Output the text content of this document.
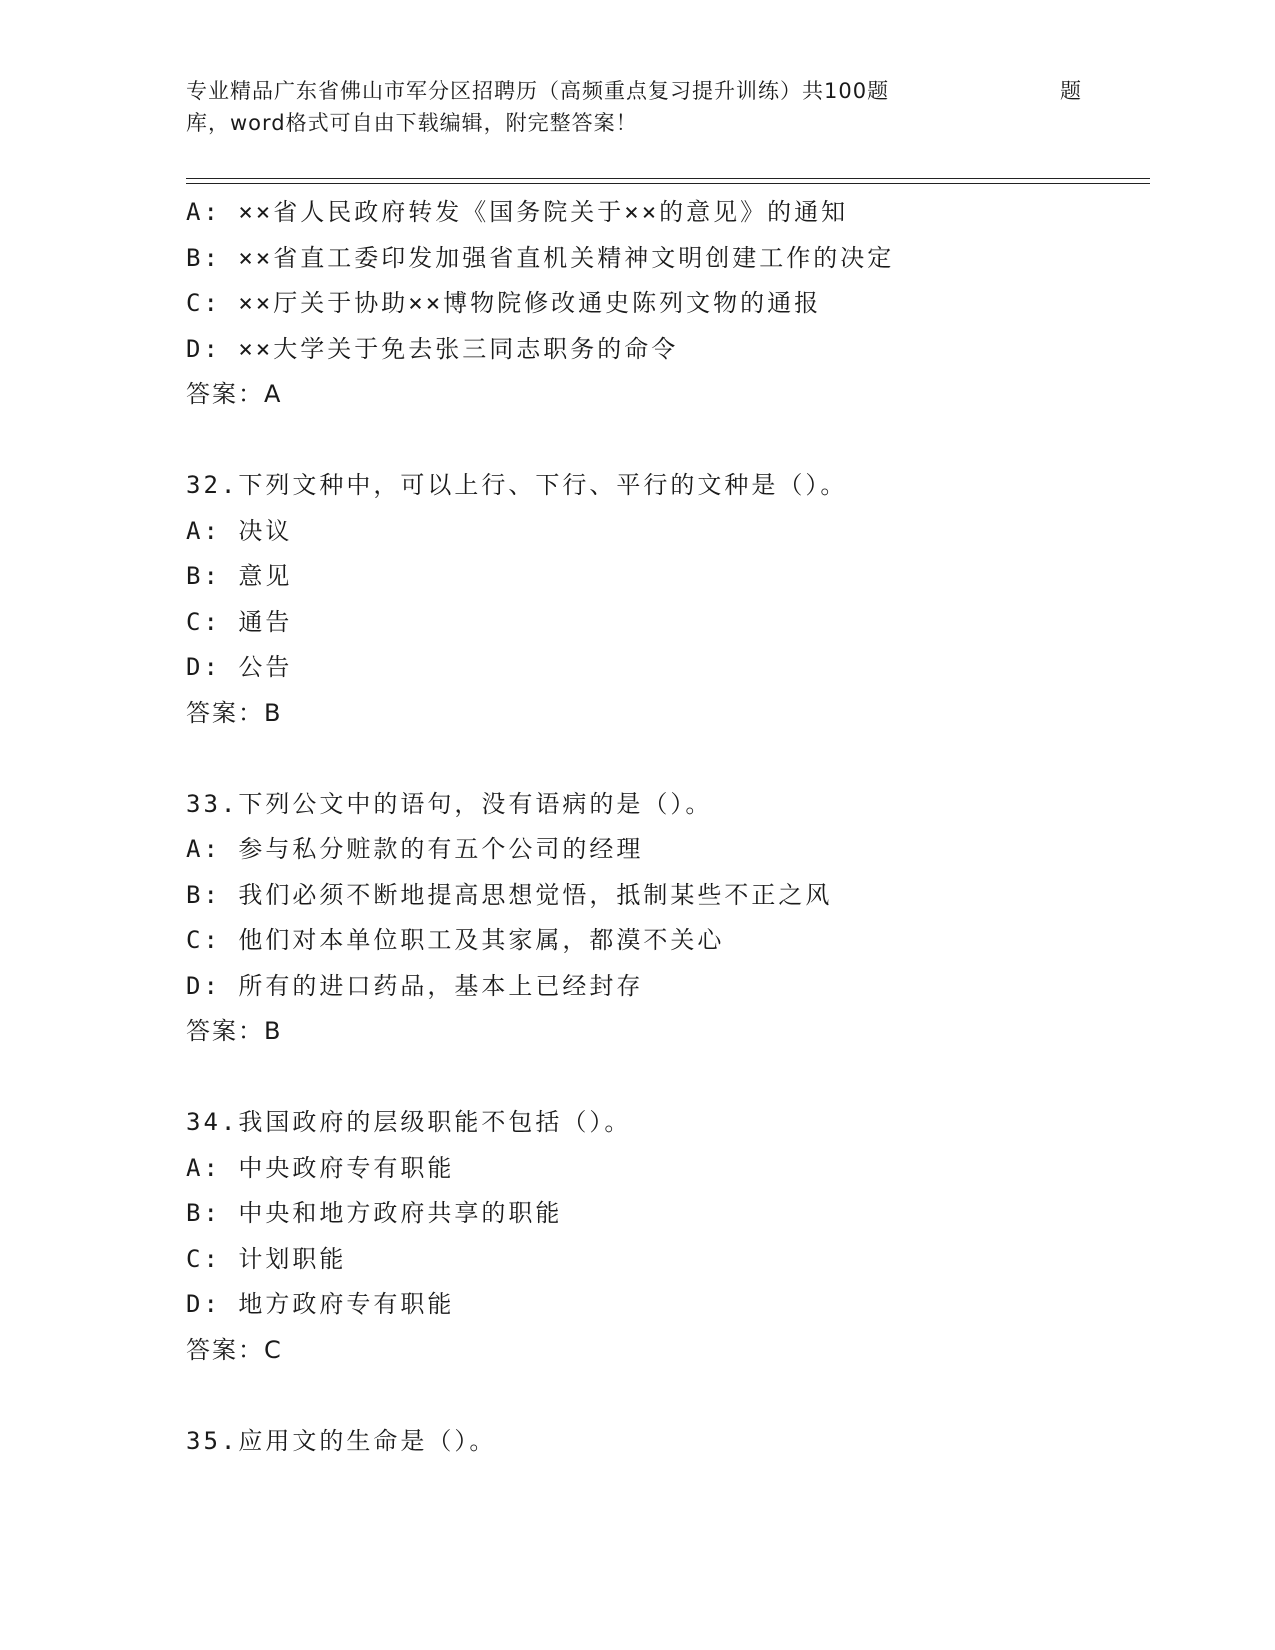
专业精品广东省佛山市军分区招聘历（高频重点复习提升训练）共100题	题
库，word格式可自由下载编辑，附完整答案！
A: ××省人民政府转发《国务院关于××的意见》的通知
B: ××省直工委印发加强省直机关精神文明创建工作的决定
C: ××厅关于协助××博物院修改通史陈列文物的通报
D: ××大学关于免去张三同志职务的命令
答案：A
32.下列文种中，可以上行、下行、平行的文种是（）。
A: 决议
B: 意见
C: 通告
D: 公告
答案：B
33.下列公文中的语句，没有语病的是（）。
A: 参与私分赃款的有五个公司的经理
B: 我们必须不断地提高思想觉悟，抵制某些不正之风
C: 他们对本单位职工及其家属，都漠不关心
D: 所有的进口药品，基本上已经封存
答案：B
34.我国政府的层级职能不包括（）。
A: 中央政府专有职能
B: 中央和地方政府共享的职能
C: 计划职能
D: 地方政府专有职能
答案：C
35.应用文的生命是（）。
